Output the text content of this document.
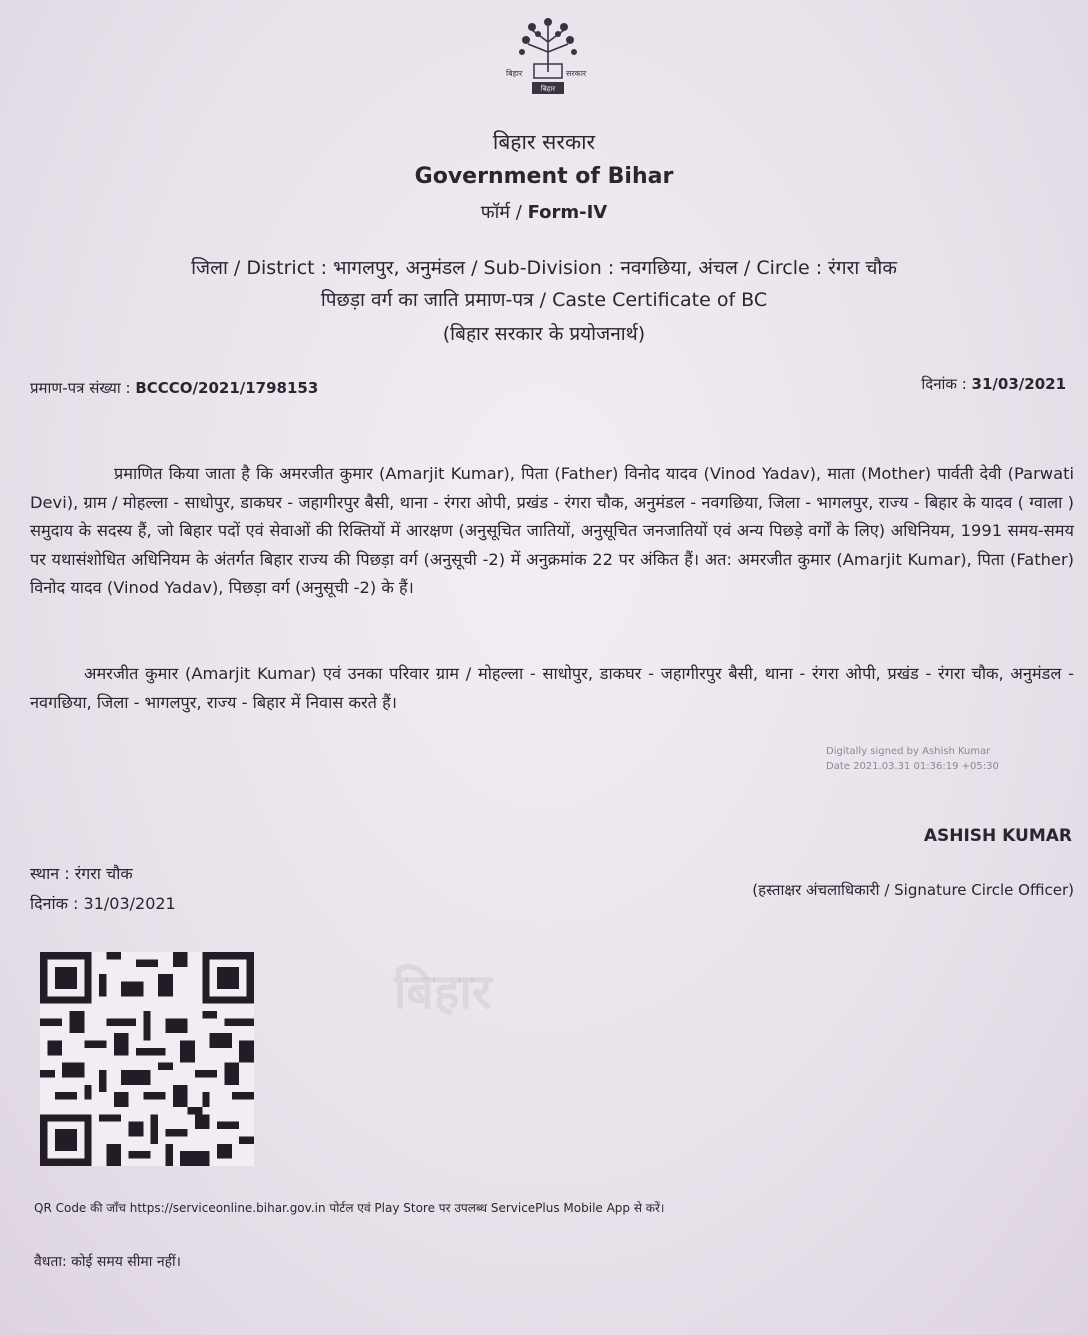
बिहार	सरकार
बिहार
बिहार सरकार
Government of Bihar
फॉर्म / Form-IV
जिला / District : भागलपुर, अनुमंडल / Sub-Division : नवगछिया, अंचल / Circle : रंगरा चौक
पिछड़ा वर्ग का जाति प्रमाण-पत्र / Caste Certificate of BC
(बिहार सरकार के प्रयोजनार्थ)
प्रमाण-पत्र संख्या : BCCCO/2021/1798153	दिनांक : 31/03/2021
प्रमाणित किया जाता है कि अमरजीत कुमार (Amarjit Kumar), पिता (Father) विनोद यादव (Vinod Yadav), माता (Mother) पार्वती देवी (Parwati Devi), ग्राम / मोहल्ला - साधोपुर, डाकघर - जहागीरपुर बैसी, थाना - रंगरा ओपी, प्रखंड - रंगरा चौक, अनुमंडल - नवगछिया, जिला - भागलपुर, राज्य - बिहार के यादव ( ग्वाला ) समुदाय के सदस्य हैं, जो बिहार पदों एवं सेवाओं की रिक्तियों में आरक्षण (अनुसूचित जातियों, अनुसूचित जनजातियों एवं अन्य पिछड़े वर्गों के लिए) अधिनियम, 1991 समय-समय पर यथासंशोधित अधिनियम के अंतर्गत बिहार राज्य की पिछड़ा वर्ग (अनुसूची -2) में अनुक्रमांक 22 पर अंकित हैं। अत: अमरजीत कुमार (Amarjit Kumar), पिता (Father) विनोद यादव (Vinod Yadav), पिछड़ा वर्ग (अनुसूची -2) के हैं।
अमरजीत कुमार (Amarjit Kumar) एवं उनका परिवार ग्राम / मोहल्ला - साधोपुर, डाकघर - जहागीरपुर बैसी, थाना - रंगरा ओपी, प्रखंड - रंगरा चौक, अनुमंडल - नवगछिया, जिला - भागलपुर, राज्य - बिहार में निवास करते हैं।
Digitally signed by Ashish Kumar
Date 2021.03.31 01:36:19 +05:30
ASHISH KUMAR
(हस्ताक्षर अंचलाधिकारी / Signature Circle Officer)
स्थान : रंगरा चौक
दिनांक : 31/03/2021
बिहार
QR Code की जाँच https://serviceonline.bihar.gov.in पोर्टल एवं Play Store पर उपलब्ध ServicePlus Mobile App से करें।
वैधता: कोई समय सीमा नहीं।
